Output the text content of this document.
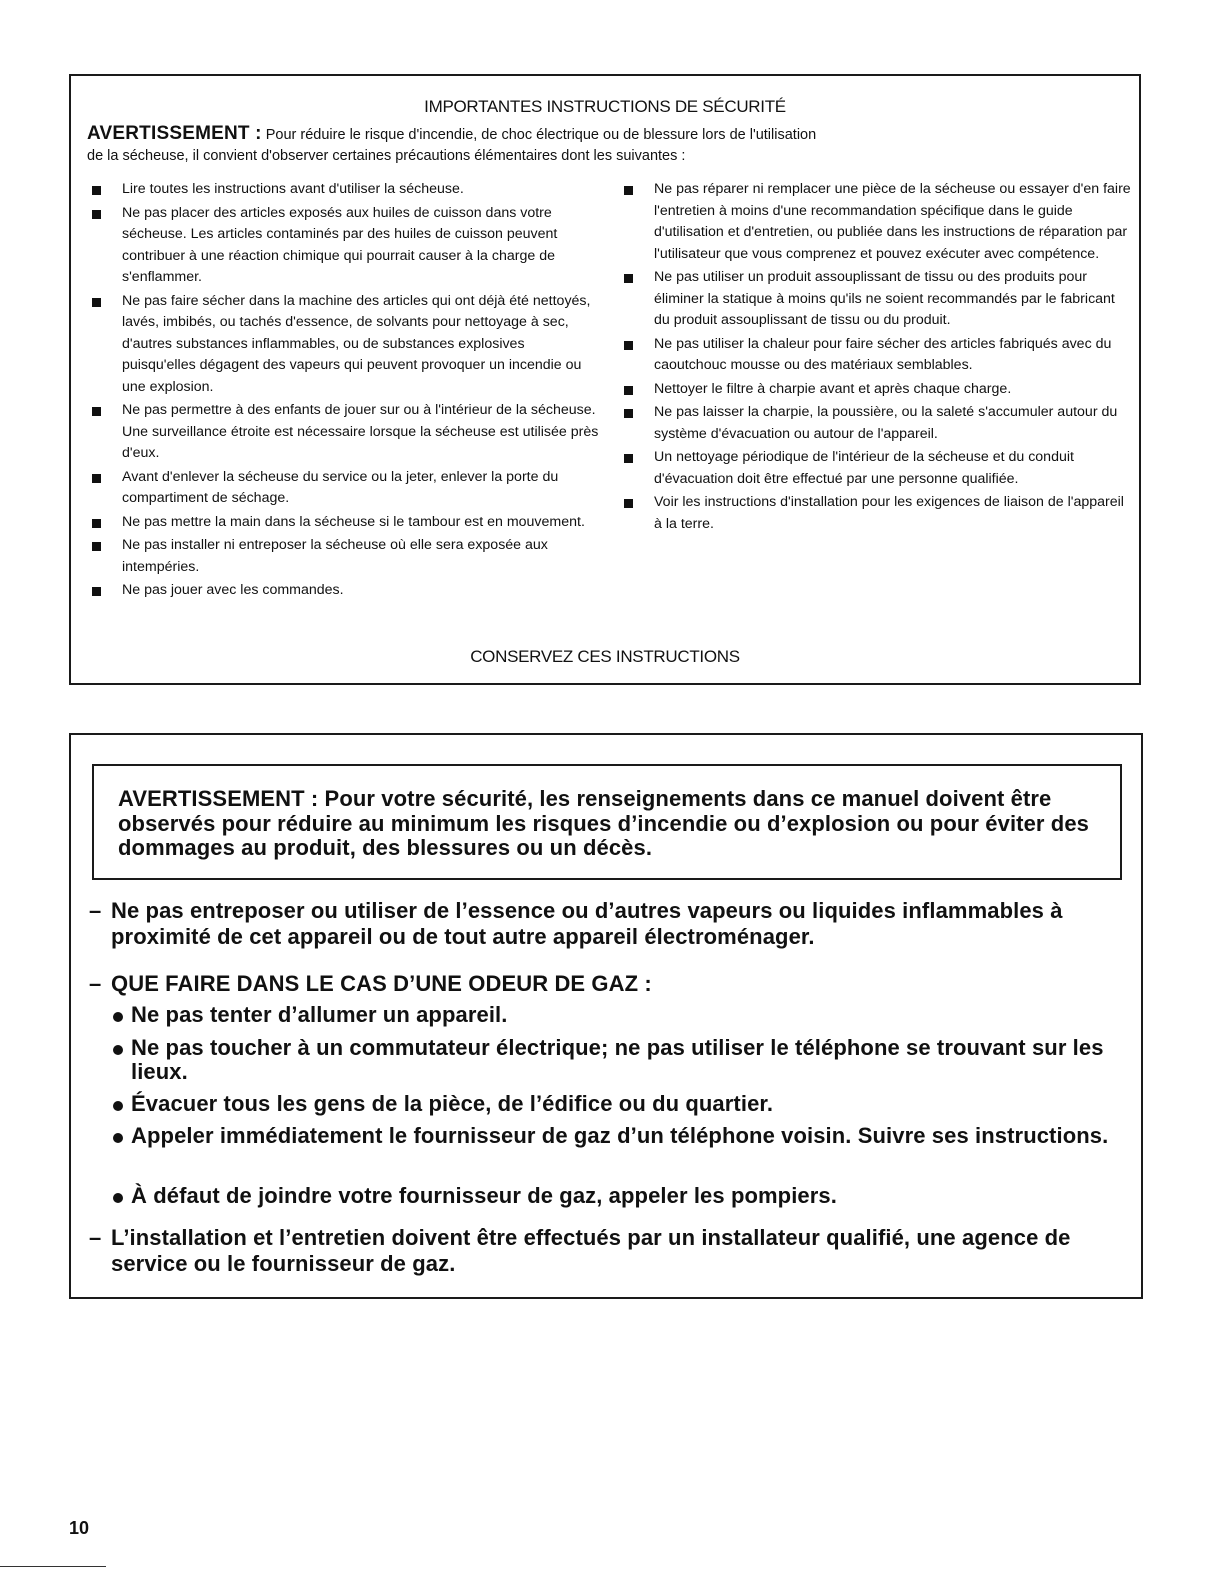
IMPORTANTES INSTRUCTIONS DE SÉCURITÉ
AVERTISSEMENT : Pour réduire le risque d'incendie, de choc électrique ou de blessure lors de l'utilisation
de la sécheuse, il convient d'observer certaines précautions élémentaires dont les suivantes :
Lire toutes les instructions avant d'utiliser la sécheuse.
Ne pas placer des articles exposés aux huiles de cuisson dans votre sécheuse. Les articles contaminés par des huiles de cuisson peuvent contribuer à une réaction chimique qui pourrait causer à la charge de s'enflammer.
Ne pas faire sécher dans la machine des articles qui ont déjà été nettoyés, lavés, imbibés, ou tachés d'essence, de solvants pour nettoyage à sec, d'autres substances inflammables, ou de substances explosives puisqu'elles dégagent des vapeurs qui peuvent provoquer un incendie ou une explosion.
Ne pas permettre à des enfants de jouer sur ou à l'intérieur de la sécheuse. Une surveillance étroite est nécessaire lorsque la sécheuse est utilisée près d'eux.
Avant d'enlever la sécheuse du service ou la jeter, enlever la porte du compartiment de séchage.
Ne pas mettre la main dans la sécheuse si le tambour est en mouvement.
Ne pas installer ni entreposer la sécheuse où elle sera exposée aux intempéries.
Ne pas jouer avec les commandes.
Ne pas réparer ni remplacer une pièce de la sécheuse ou essayer d'en faire l'entretien à moins d'une recommandation spécifique dans le guide d'utilisation et d'entretien, ou publiée dans les instructions de réparation par l'utilisateur que vous comprenez et pouvez exécuter avec compétence.
Ne pas utiliser un produit assouplissant de tissu ou des produits pour éliminer la statique à moins qu'ils ne soient recommandés par le fabricant du produit assouplissant de tissu ou du produit.
Ne pas utiliser la chaleur pour faire sécher des articles fabriqués avec du caoutchouc mousse ou des matériaux semblables.
Nettoyer le filtre à charpie avant et après chaque charge.
Ne pas laisser la charpie, la poussière, ou la saleté s'accumuler autour du système d'évacuation ou autour de l'appareil.
Un nettoyage périodique de l'intérieur de la sécheuse et du conduit d'évacuation doit être effectué par une personne qualifiée.
Voir les instructions d'installation pour les exigences de liaison de l'appareil à la terre.
CONSERVEZ CES INSTRUCTIONS
AVERTISSEMENT : Pour votre sécurité, les renseignements dans ce manuel doivent être observés pour réduire au minimum les risques d’incendie ou d’explosion ou pour éviter des dommages au produit, des blessures ou un décès.
– Ne pas entreposer ou utiliser de l’essence ou d’autres vapeurs ou liquides inflammables à proximité de cet appareil ou de tout autre appareil électroménager.
– QUE FAIRE DANS LE CAS D’UNE ODEUR DE GAZ :
Ne pas tenter d’allumer un appareil.
Ne pas toucher à un commutateur électrique; ne pas utiliser le téléphone se trouvant sur les lieux.
Évacuer tous les gens de la pièce, de l’édifice ou du quartier.
Appeler immédiatement le fournisseur de gaz d’un téléphone voisin. Suivre ses instructions.
À défaut de joindre votre fournisseur de gaz, appeler les pompiers.
– L’installation et l’entretien doivent être effectués par un installateur qualifié, une agence de service ou le fournisseur de gaz.
10
